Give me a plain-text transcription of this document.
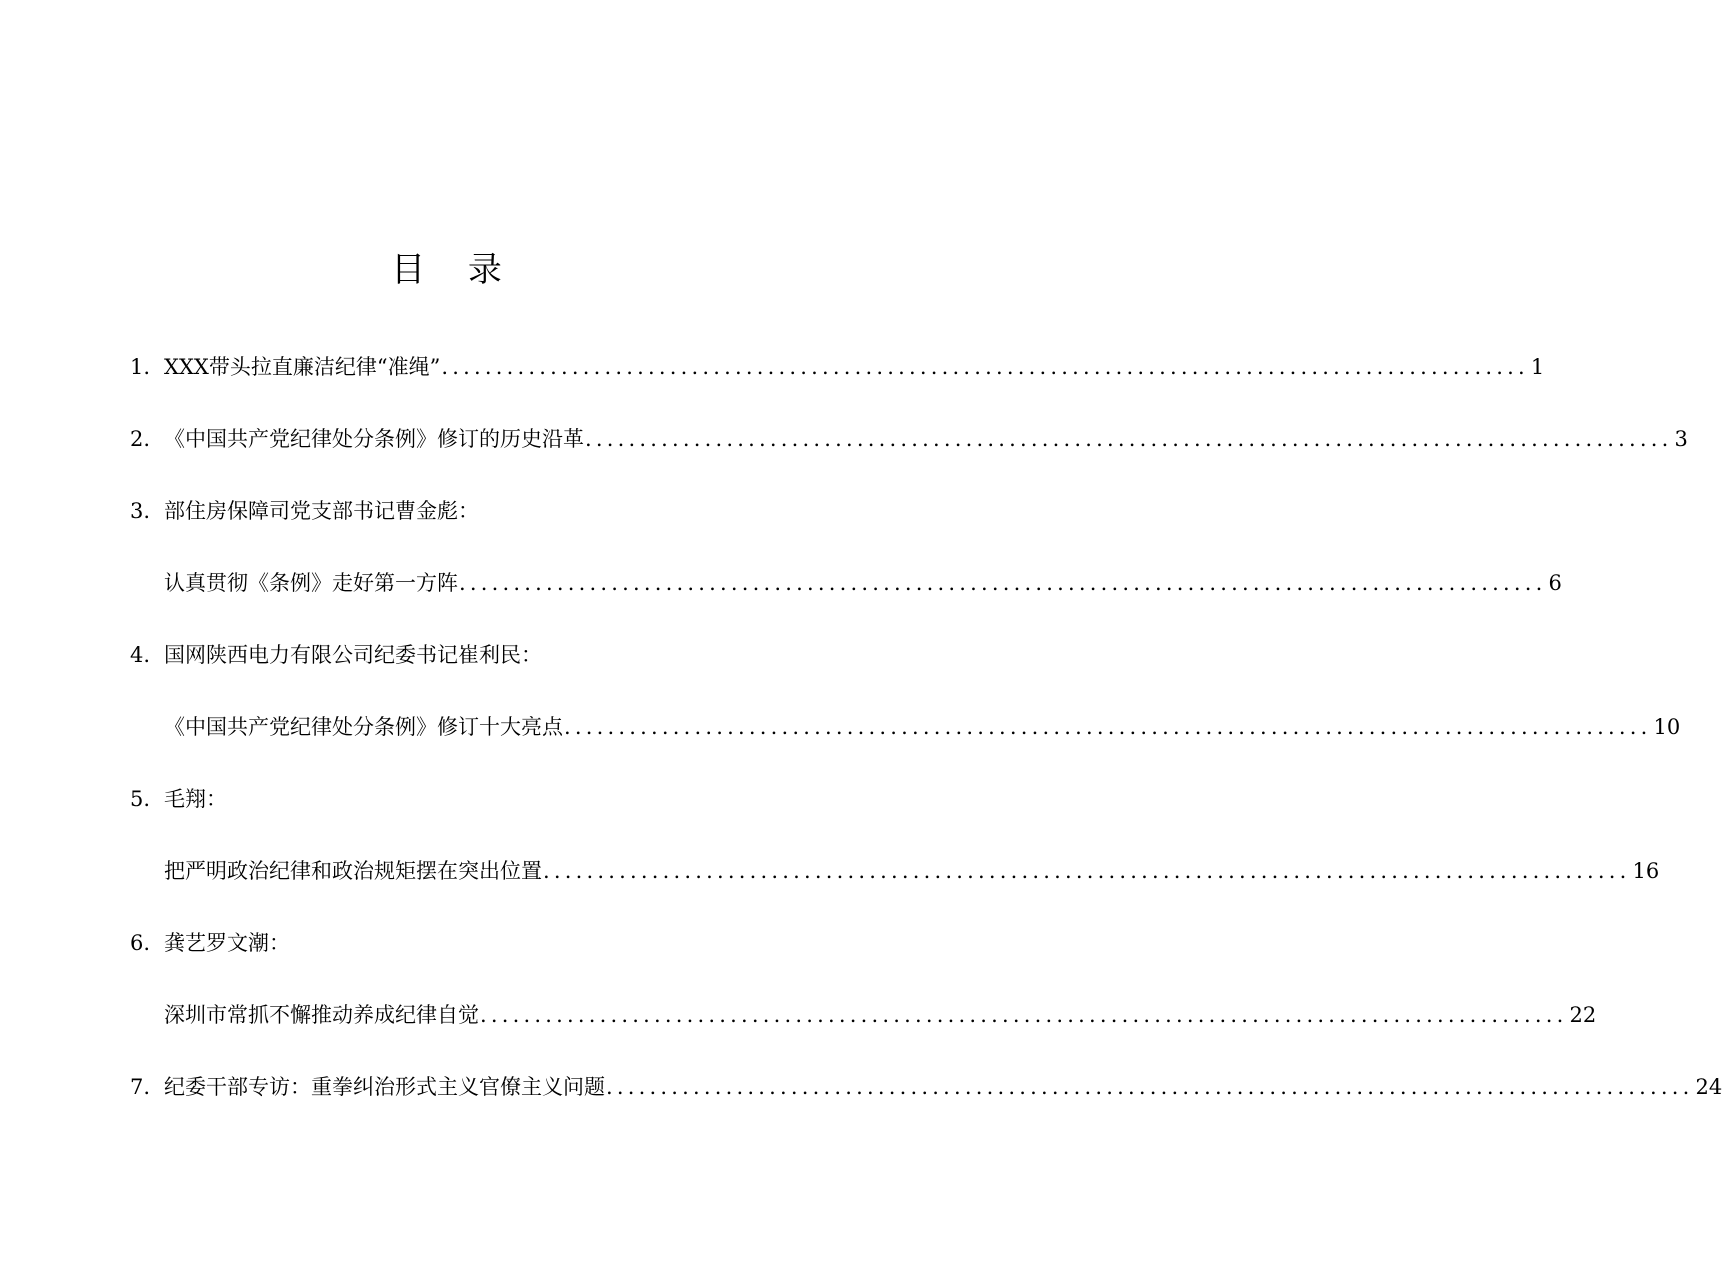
目 录
1. XXX带头拉直廉洁纪律“准绳” .................................................................................................... 1
2. 《中国共产党纪律处分条例》修订的历史沿革 .................................................................................................... 3
3. 部住房保障司党支部书记曹金彪：
认真贯彻《条例》走好第一方阵 .................................................................................................... 6
4. 国网陕西电力有限公司纪委书记崔利民：
《中国共产党纪律处分条例》修订十大亮点 .................................................................................................... 10
5. 毛翔：
把严明政治纪律和政治规矩摆在突出位置 .................................................................................................... 16
6. 龚艺罗文潮：
深圳市常抓不懈推动养成纪律自觉 .................................................................................................... 22
7. 纪委干部专访：重拳纠治形式主义官僚主义问题 .................................................................................................... 24
